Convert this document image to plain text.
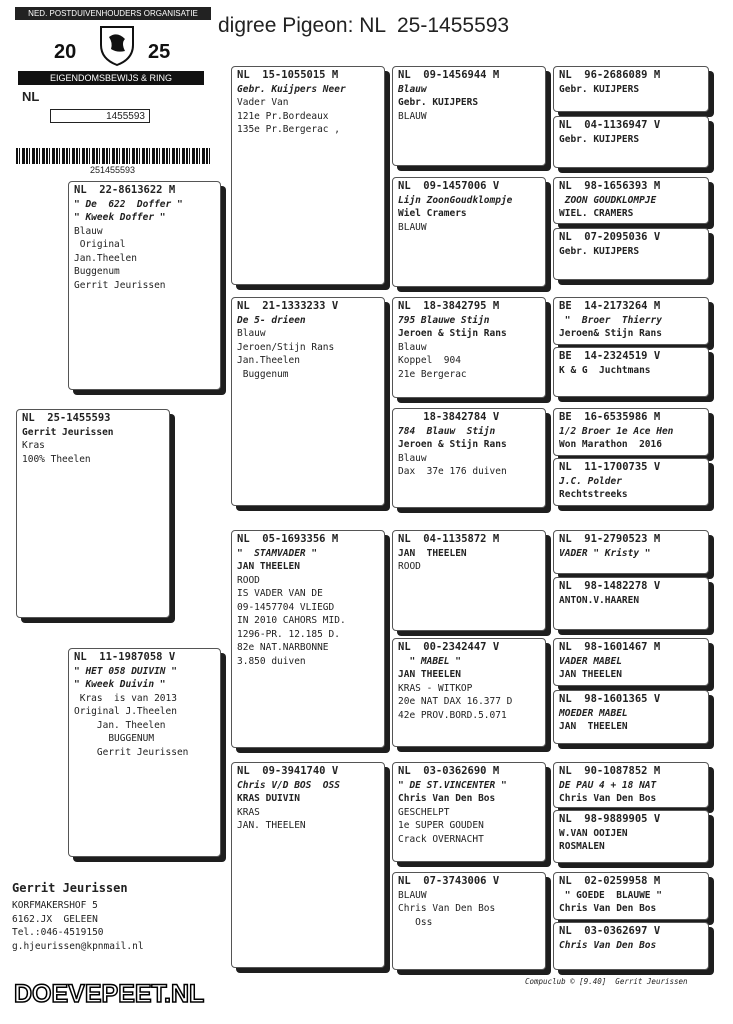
digree Pigeon: NL  25-1455593
NED. POSTDUIVENHOUDERS ORGANISATIE
20	25
EIGENDOMSBEWIJS & RING
NL
1455593
251455593
NL  22-8613622 M
" De  622  Doffer "
" Kweek Doffer "
Blauw
Original
Jan.Theelen
Buggenum
Gerrit Jeurissen
NL  25-1455593
Gerrit Jeurissen
Kras
100% Theelen
NL  11-1987058 V
" HET 058 DUIVIN "
" Kweek Duivin "
Kras  is van 2013
Original J.Theelen
Jan. Theelen
BUGGENUM
Gerrit Jeurissen
NL  15-1055015 M
Gebr. Kuijpers Neer
Vader Van
121e Pr.Bordeaux
135e Pr.Bergerac ,
NL  21-1333233 V
De 5- drieen
Blauw
Jeroen/Stijn Rans
Jan.Theelen
Buggenum
NL  05-1693356 M
"  STAMVADER "
JAN THEELEN
ROOD
IS VADER VAN DE
09-1457704 VLIEGD
IN 2010 CAHORS MID.
1296-PR. 12.185 D.
82e NAT.NARBONNE
3.850 duiven
NL  09-3941740 V
Chris V/D BOS  OSS
KRAS DUIVIN
KRAS
JAN. THEELEN
NL  09-1456944 M
Blauw
Gebr. KUIJPERS
BLAUW
NL  09-1457006 V
Lijn ZoonGoudklompje
Wiel Cramers
BLAUW
NL  18-3842795 M
795 Blauwe Stijn
Jeroen & Stijn Rans
Blauw
Koppel  904
21e Bergerac
18-3842784 V
784  Blauw  Stijn
Jeroen & Stijn Rans
Blauw
Dax  37e 176 duiven
NL  04-1135872 M
JAN  THEELEN
ROOD
NL  00-2342447 V
" MABEL "
JAN THEELEN
KRAS - WITKOP
20e NAT DAX 16.377 D
42e PROV.BORD.5.071
NL  03-0362690 M
" DE ST.VINCENTER "
Chris Van Den Bos
GESCHELPT
1e SUPER GOUDEN
Crack OVERNACHT
NL  07-3743006 V
BLAUW
Chris Van Den Bos
Oss
NL  96-2686089 M
Gebr. KUIJPERS
NL  04-1136947 V
Gebr. KUIJPERS
NL  98-1656393 M
ZOON GOUDKLOMPJE
WIEL. CRAMERS
NL  07-2095036 V
Gebr. KUIJPERS
BE  14-2173264 M
"  Broer  Thierry
Jeroen& Stijn Rans
BE  14-2324519 V
K & G  Juchtmans
BE  16-6535986 M
1/2 Broer 1e Ace Hen
Won Marathon  2016
NL  11-1700735 V
J.C. Polder
Rechtstreeks
NL  91-2790523 M
VADER " Kristy "
NL  98-1482278 V
ANTON.V.HAAREN
NL  98-1601467 M
VADER MABEL
JAN THEELEN
NL  98-1601365 V
MOEDER MABEL
JAN  THEELEN
NL  90-1087852 M
DE PAU 4 + 18 NAT
Chris Van Den Bos
NL  98-9889905 V
W.VAN OOIJEN
ROSMALEN
NL  02-0259958 M
" GOEDE  BLAUWE "
Chris Van Den Bos
NL  03-0362697 V
Chris Van Den Bos
Gerrit Jeurissen
KORFMAKERSHOF 5
6162.JX  GELEEN
Tel.:046-4519150
g.hjeurissen@kpnmail.nl
DOEVEPEET.NL	Compuclub © [9.40]  Gerrit Jeurissen
